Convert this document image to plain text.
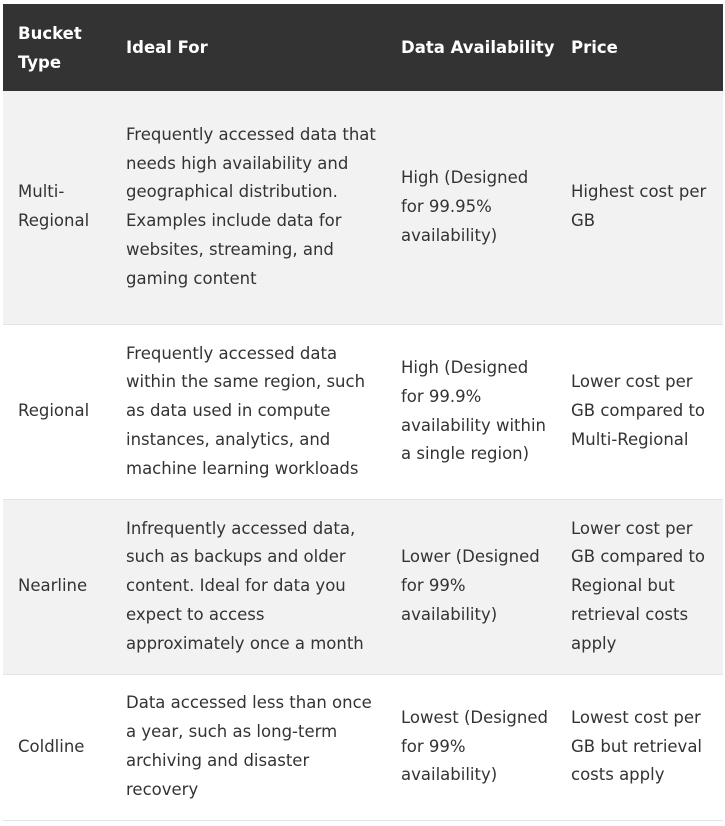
Bucket Type	Ideal For	Data Availability	Price
Multi-Regional	Frequently accessed data that needs high availability and geographical distribution. Examples include data for websites, streaming, and gaming content	High (Designed for 99.95% availability)	Highest cost per GB
Regional	Frequently accessed data within the same region, such as data used in compute instances, analytics, and machine learning workloads	High (Designed for 99.9% availability within a single region)	Lower cost per GB compared to Multi-Regional
Nearline	Infrequently accessed data, such as backups and older content. Ideal for data you expect to access approximately once a month	Lower (Designed for 99% availability)	Lower cost per GB compared to Regional but retrieval costs apply
Coldline	Data accessed less than once a year, such as long-term archiving and disaster recovery	Lowest (Designed for 99% availability)	Lowest cost per GB but retrieval costs apply
